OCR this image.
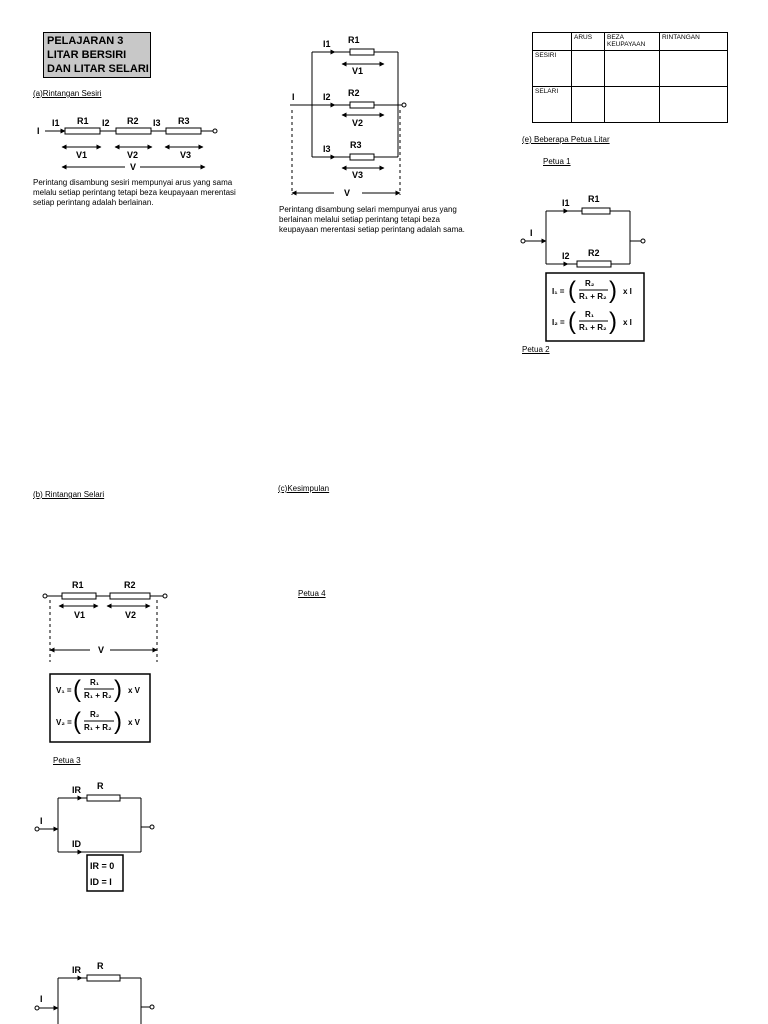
PELAJARAN 3
LITAR BERSIRI
DAN LITAR SELARI
(a)Rintangan Sesiri
(b) Rintangan Selari
(c)Kesimpulan
(e) Beberapa Petua Litar
Petua 1
Petua 2
Petua 3
Petua 4
Perintang disambung sesiri mempunyai arus yang sama melalu setiap perintang tetapi beza keupayaan merentasi setiap perintang adalah berlainan.
Perintang disambung selari mempunyai arus yang berlainan melalui setiap perintang tetapi beza keupayaan merentasi setiap perintang adalah sama.
	ARUS	BEZA KEUPAYAAN	RINTANGAN
SESIRI			
SELARI			
I
I1 R1 I2 R2 I3 R3
V1	V2	V3
V
I1 R1
V1
I	I2 R2
V2
I3 R3
V3
V
I1 R1
I
I2 R2
R1	R2
V1	V2
V
IR R
I
ID
IR = 0
ID = I
IR R
I
I₁ = ( R₂
R₁ + R₂ ) x I
I₂ = ( R₁
R₁ + R₂ ) x I
V₁ = ( R₁
R₁ + R₂ ) x V
V₂ = ( R₂
R₁ + R₂ ) x V
